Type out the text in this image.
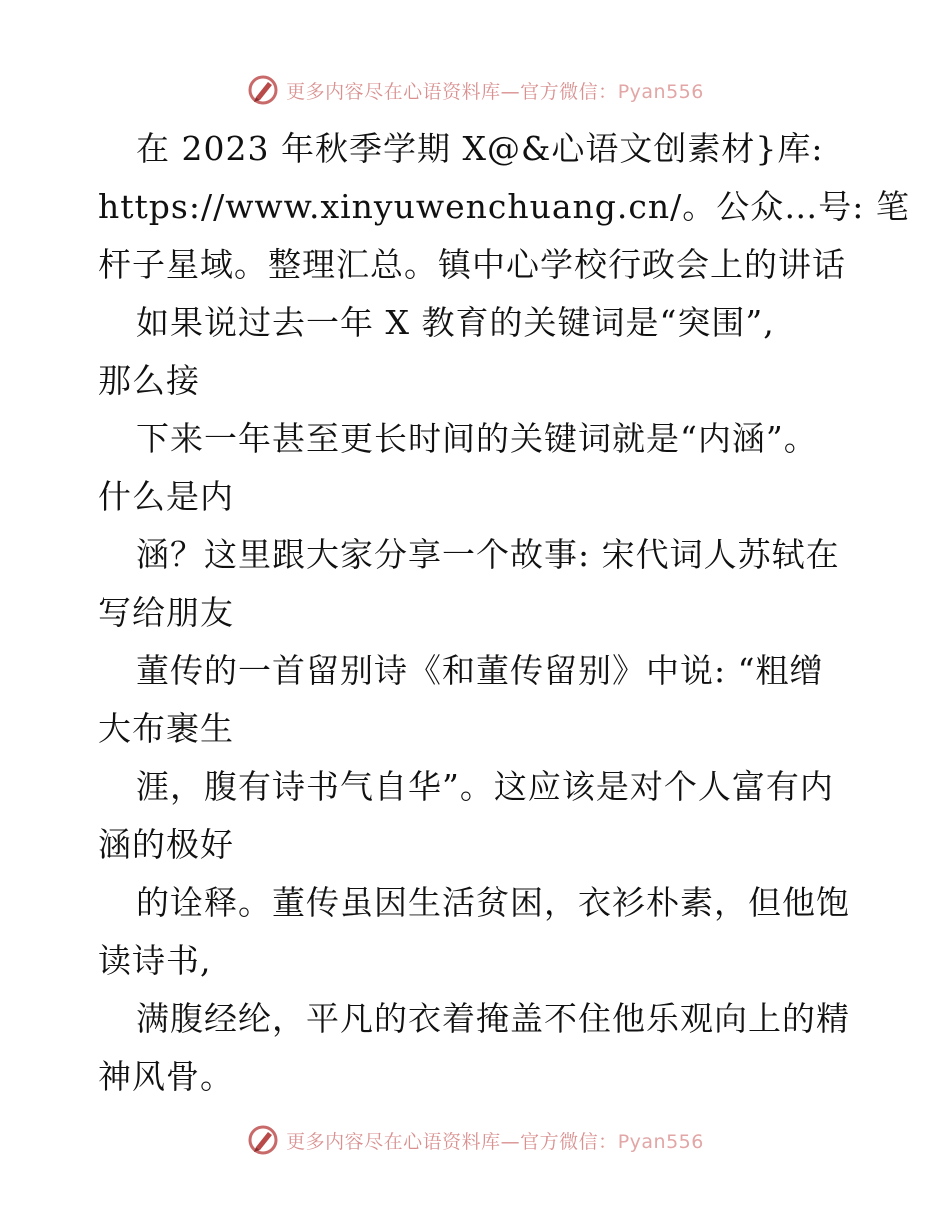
更多内容尽在心语资料库—官方微信：Pyan556
在 2023 年秋季学期 X@&心语文创素材}库:
https://www.xinyuwenchuang.cn/。公众…号: 笔
杆子星域。整理汇总。镇中心学校行政会上的讲话
如果说过去一年 X 教育的关键词是“突围”,
那么接
下来一年甚至更长时间的关键词就是“内涵”。
什么是内
涵？这里跟大家分享一个故事: 宋代词人苏轼在
写给朋友
董传的一首留别诗《和董传留别》中说: “粗缯
大布裹生
涯，腹有诗书气自华”。这应该是对个人富有内
涵的极好
的诠释。董传虽因生活贫困，衣衫朴素，但他饱
读诗书,
满腹经纶，平凡的衣着掩盖不住他乐观向上的精
神风骨。
更多内容尽在心语资料库—官方微信：Pyan556
